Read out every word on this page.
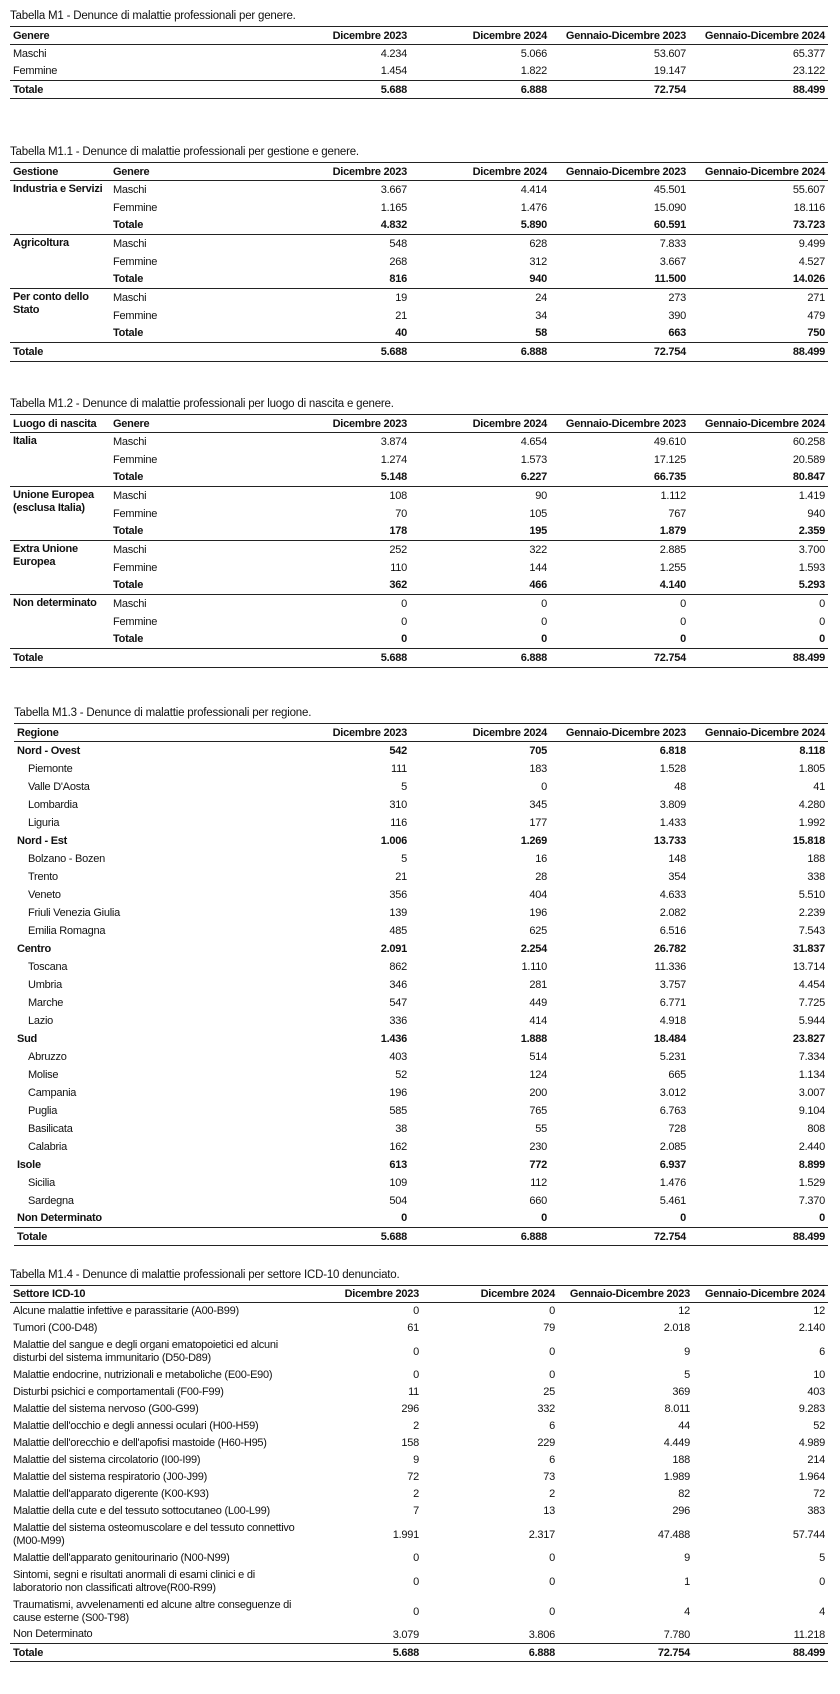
Tabella M1 - Denunce di malattie professionali per genere.
Genere	Dicembre 2023	Dicembre 2024	Gennaio-Dicembre 2023	Gennaio-Dicembre 2024
Maschi	4.234	5.066	53.607	65.377
Femmine	1.454	1.822	19.147	23.122
Totale	5.688	6.888	72.754	88.499
Tabella M1.1 - Denunce di malattie professionali per gestione e genere.
Gestione	Genere	Dicembre 2023	Dicembre 2024	Gennaio-Dicembre 2023	Gennaio-Dicembre 2024
Industria e Servizi	Maschi	3.667	4.414	45.501	55.607
	Femmine	1.165	1.476	15.090	18.116
	Totale	4.832	5.890	60.591	73.723
Agricoltura	Maschi	548	628	7.833	9.499
	Femmine	268	312	3.667	4.527
	Totale	816	940	11.500	14.026
Per conto dello Stato	Maschi	19	24	273	271
	Femmine	21	34	390	479
	Totale	40	58	663	750
Totale		5.688	6.888	72.754	88.499
Tabella M1.2 - Denunce di malattie professionali per luogo di nascita e genere.
Luogo di nascita	Genere	Dicembre 2023	Dicembre 2024	Gennaio-Dicembre 2023	Gennaio-Dicembre 2024
Italia	Maschi	3.874	4.654	49.610	60.258
	Femmine	1.274	1.573	17.125	20.589
	Totale	5.148	6.227	66.735	80.847
Unione Europea (esclusa Italia)	Maschi	108	90	1.112	1.419
	Femmine	70	105	767	940
	Totale	178	195	1.879	2.359
Extra Unione Europea	Maschi	252	322	2.885	3.700
	Femmine	110	144	1.255	1.593
	Totale	362	466	4.140	5.293
Non determinato	Maschi	0	0	0	0
	Femmine	0	0	0	0
	Totale	0	0	0	0
Totale		5.688	6.888	72.754	88.499
Tabella M1.3 - Denunce di malattie professionali per regione.
Regione	Dicembre 2023	Dicembre 2024	Gennaio-Dicembre 2023	Gennaio-Dicembre 2024
Nord - Ovest	542	705	6.818	8.118
Piemonte	111	183	1.528	1.805
Valle D'Aosta	5	0	48	41
Lombardia	310	345	3.809	4.280
Liguria	116	177	1.433	1.992
Nord - Est	1.006	1.269	13.733	15.818
Bolzano - Bozen	5	16	148	188
Trento	21	28	354	338
Veneto	356	404	4.633	5.510
Friuli Venezia Giulia	139	196	2.082	2.239
Emilia Romagna	485	625	6.516	7.543
Centro	2.091	2.254	26.782	31.837
Toscana	862	1.110	11.336	13.714
Umbria	346	281	3.757	4.454
Marche	547	449	6.771	7.725
Lazio	336	414	4.918	5.944
Sud	1.436	1.888	18.484	23.827
Abruzzo	403	514	5.231	7.334
Molise	52	124	665	1.134
Campania	196	200	3.012	3.007
Puglia	585	765	6.763	9.104
Basilicata	38	55	728	808
Calabria	162	230	2.085	2.440
Isole	613	772	6.937	8.899
Sicilia	109	112	1.476	1.529
Sardegna	504	660	5.461	7.370
Non Determinato	0	0	0	0
Totale	5.688	6.888	72.754	88.499
Tabella M1.4 - Denunce di malattie professionali per settore ICD-10 denunciato.
Settore ICD-10	Dicembre 2023	Dicembre 2024	Gennaio-Dicembre 2023	Gennaio-Dicembre 2024
Alcune malattie infettive e parassitarie (A00-B99)	0	0	12	12
Tumori (C00-D48)	61	79	2.018	2.140
Malattie del sangue e degli organi ematopoietici ed alcuni disturbi del sistema immunitario (D50-D89)	0	0	9	6
Malattie endocrine, nutrizionali e metaboliche (E00-E90)	0	0	5	10
Disturbi psichici e comportamentali (F00-F99)	11	25	369	403
Malattie del sistema nervoso (G00-G99)	296	332	8.011	9.283
Malattie dell'occhio e degli annessi oculari (H00-H59)	2	6	44	52
Malattie dell'orecchio e dell'apofisi mastoide (H60-H95)	158	229	4.449	4.989
Malattie del sistema circolatorio (I00-I99)	9	6	188	214
Malattie del sistema respiratorio (J00-J99)	72	73	1.989	1.964
Malattie dell'apparato digerente (K00-K93)	2	2	82	72
Malattie della cute e del tessuto sottocutaneo (L00-L99)	7	13	296	383
Malattie del sistema osteomuscolare e del tessuto connettivo (M00-M99)	1.991	2.317	47.488	57.744
Malattie dell'apparato genitourinario (N00-N99)	0	0	9	5
Sintomi, segni e risultati anormali di esami clinici e di laboratorio non classificati altrove(R00-R99)	0	0	1	0
Traumatismi, avvelenamenti ed alcune altre conseguenze di cause esterne (S00-T98)	0	0	4	4
Non Determinato	3.079	3.806	7.780	11.218
Totale	5.688	6.888	72.754	88.499
